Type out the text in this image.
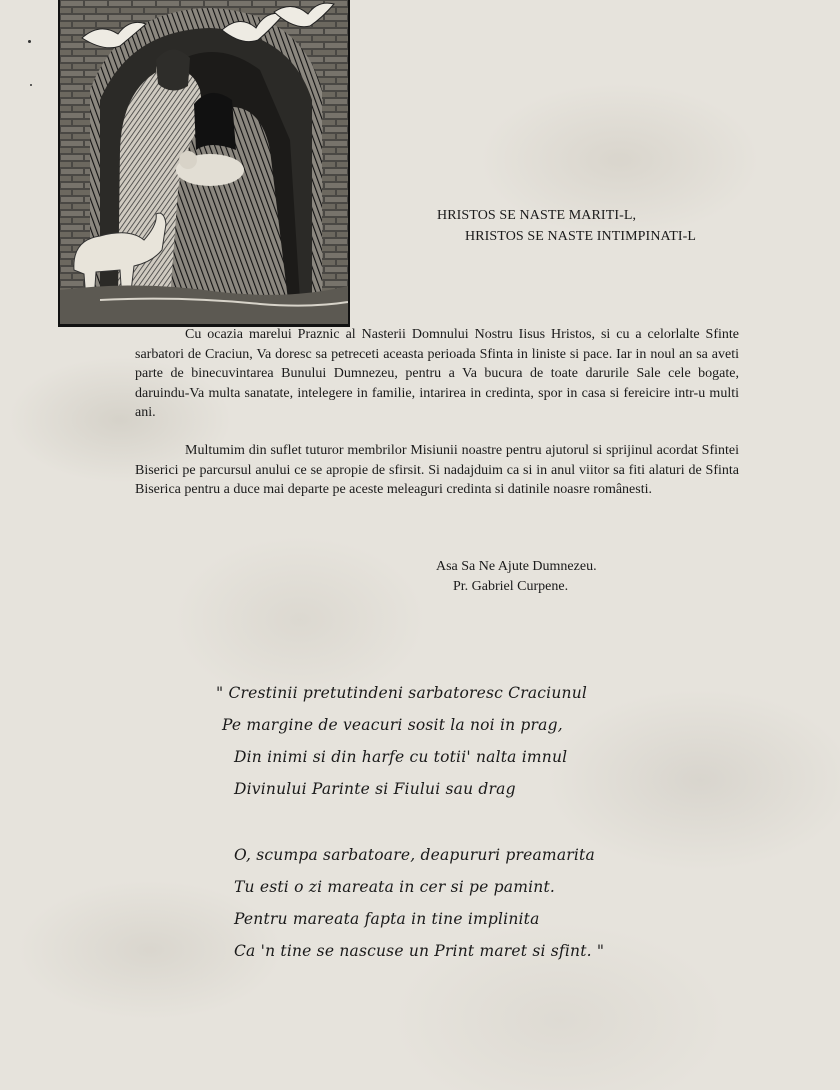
HRISTOS SE NASTE MARITI-L,
HRISTOS SE NASTE INTIMPINATI-L

Cu ocazia marelui Praznic al Nasterii Domnului Nostru Iisus Hristos, si cu a celorlalte Sfinte sarbatori de Craciun, Va doresc sa petreceti aceasta perioada Sfinta in liniste si pace. Iar in noul an sa aveti parte de binecuvintarea Bunului Dumnezeu, pentru a Va bucura de toate darurile Sale cele bogate, daruindu-Va multa sanatate, intelegere in familie, intarirea in credinta, spor in casa si fereicire intr-u multi ani.

Multumim din suflet tuturor membrilor Misiunii noastre pentru ajutorul si sprijinul acordat Sfintei Biserici pe parcursul anului ce se apropie de sfirsit. Si nadajduim ca si in anul viitor sa fiti alaturi de Sfinta Biserica pentru a duce mai departe pe aceste meleaguri credinta si datinile noasre românesti.

Asa Sa Ne Ajute Dumnezeu.
Pr. Gabriel Curpene.
" Crestinii pretutindeni sarbatoresc Craciunul
Pe margine de veacuri sosit la noi in prag,
Din inimi si din harfe cu totii' nalta imnul
Divinului Parinte si Fiului sau drag
O, scumpa sarbatoare, deapururi preamarita
Tu esti o zi mareata in cer si pe pamint.
Pentru mareata fapta in tine implinita
Ca 'n tine se nascuse un Print maret si sfint. "
